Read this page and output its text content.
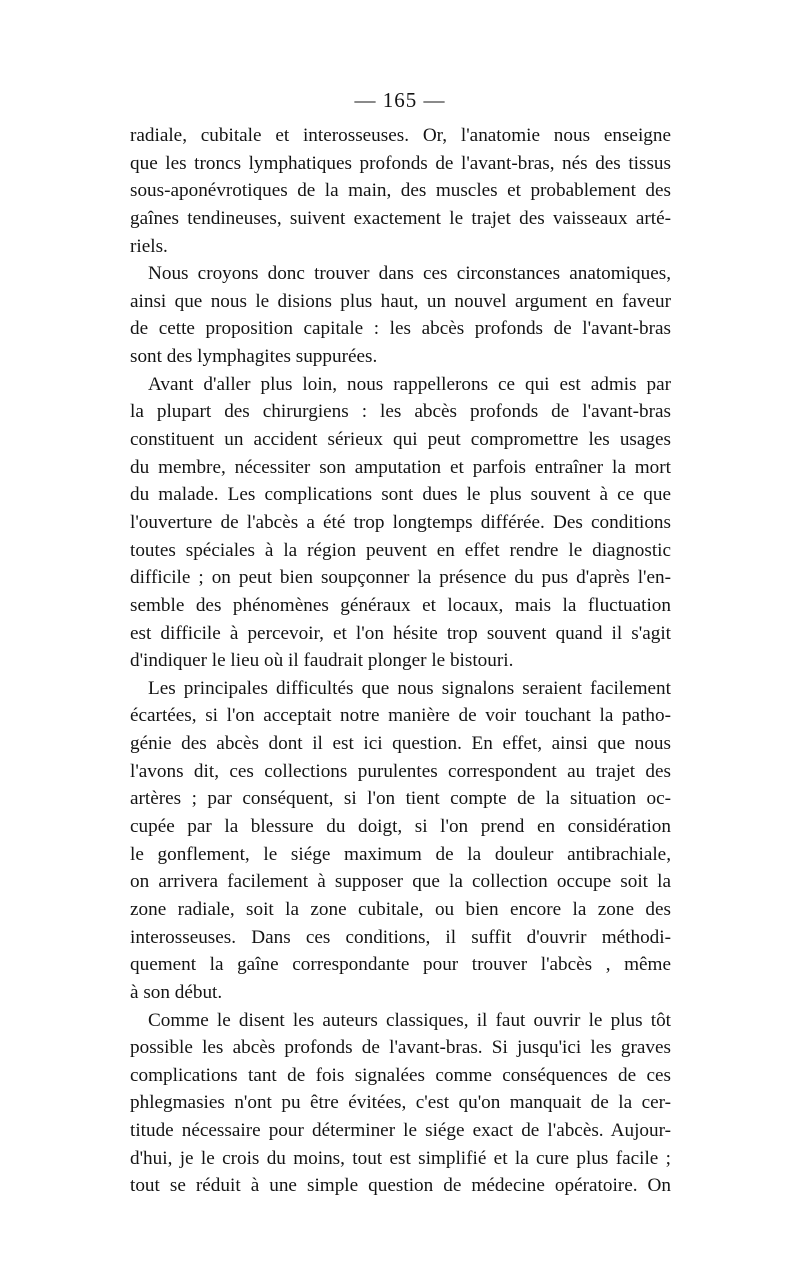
— 165 —
radiale, cubitale et interosseuses. Or, l'anatomie nous enseigne
que les troncs lymphatiques profonds de l'avant-bras, nés des tissus
sous-aponévrotiques de la main, des muscles et probablement des
gaînes tendineuses, suivent exactement le trajet des vaisseaux arté-
riels.
Nous croyons donc trouver dans ces circonstances anatomiques,
ainsi que nous le disions plus haut, un nouvel argument en faveur
de cette proposition capitale : les abcès profonds de l'avant-bras
sont des lymphagites suppurées.
Avant d'aller plus loin, nous rappellerons ce qui est admis par
la plupart des chirurgiens : les abcès profonds de l'avant-bras
constituent un accident sérieux qui peut compromettre les usages
du membre, nécessiter son amputation et parfois entraîner la mort
du malade. Les complications sont dues le plus souvent à ce que
l'ouverture de l'abcès a été trop longtemps différée. Des conditions
toutes spéciales à la région peuvent en effet rendre le diagnostic
difficile ; on peut bien soupçonner la présence du pus d'après l'en-
semble des phénomènes généraux et locaux, mais la fluctuation
est difficile à percevoir, et l'on hésite trop souvent quand il s'agit
d'indiquer le lieu où il faudrait plonger le bistouri.
Les principales difficultés que nous signalons seraient facilement
écartées, si l'on acceptait notre manière de voir touchant la patho-
génie des abcès dont il est ici question. En effet, ainsi que nous
l'avons dit, ces collections purulentes correspondent au trajet des
artères ; par conséquent, si l'on tient compte de la situation oc-
cupée par la blessure du doigt, si l'on prend en considération
le gonflement, le siége maximum de la douleur antibrachiale,
on arrivera facilement à supposer que la collection occupe soit la
zone radiale, soit la zone cubitale, ou bien encore la zone des
interosseuses. Dans ces conditions, il suffit d'ouvrir méthodi-
quement la gaîne correspondante pour trouver l'abcès , même
à son début.
Comme le disent les auteurs classiques, il faut ouvrir le plus tôt
possible les abcès profonds de l'avant-bras. Si jusqu'ici les graves
complications tant de fois signalées comme conséquences de ces
phlegmasies n'ont pu être évitées, c'est qu'on manquait de la cer-
titude nécessaire pour déterminer le siége exact de l'abcès. Aujour-
d'hui, je le crois du moins, tout est simplifié et la cure plus facile ;
tout se réduit à une simple question de médecine opératoire. On
